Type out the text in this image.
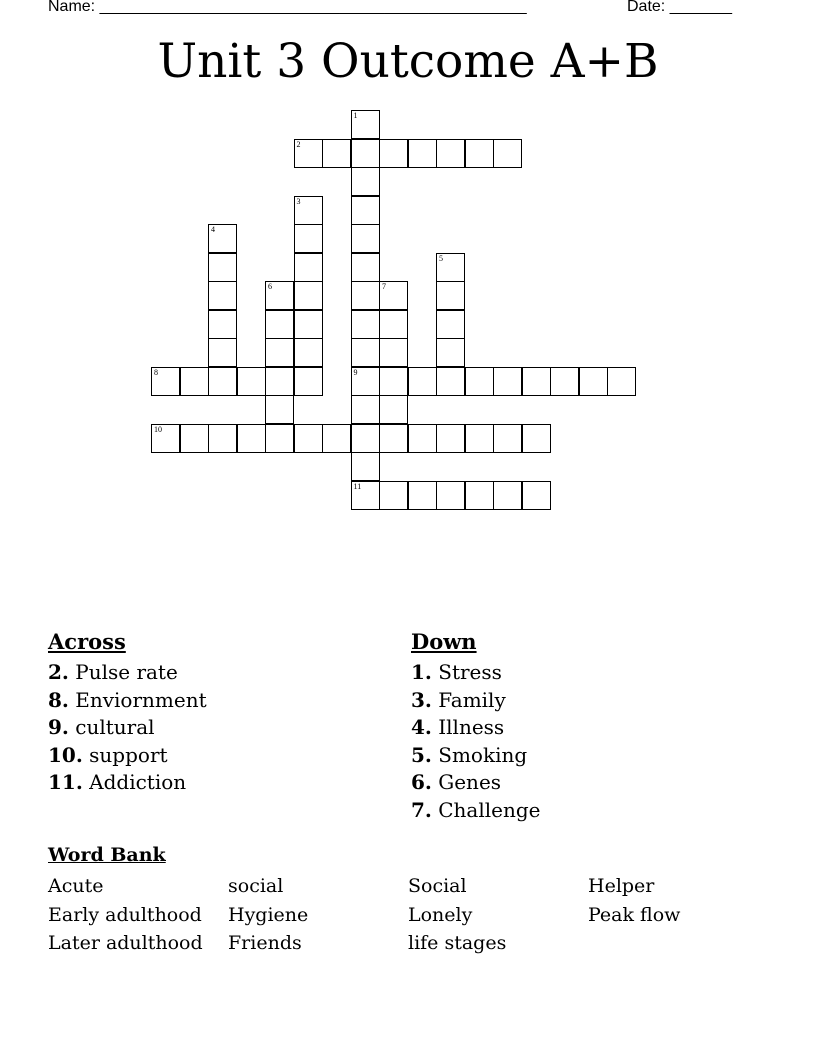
Name: ________________________________________________	Date: _______
Unit 3 Outcome A+B
1
9
11
2
3
4
5
6	7
8
10
Across
2. Pulse rate
8. Enviornment
9. cultural
10. support
11. Addiction
Down
1. Stress
3. Family
4. Illness
5. Smoking
6. Genes
7. Challenge
Word Bank
Acute
Early adulthood
Later adulthood
social
Hygiene
Friends
Social
Lonely
life stages
Helper
Peak flow
